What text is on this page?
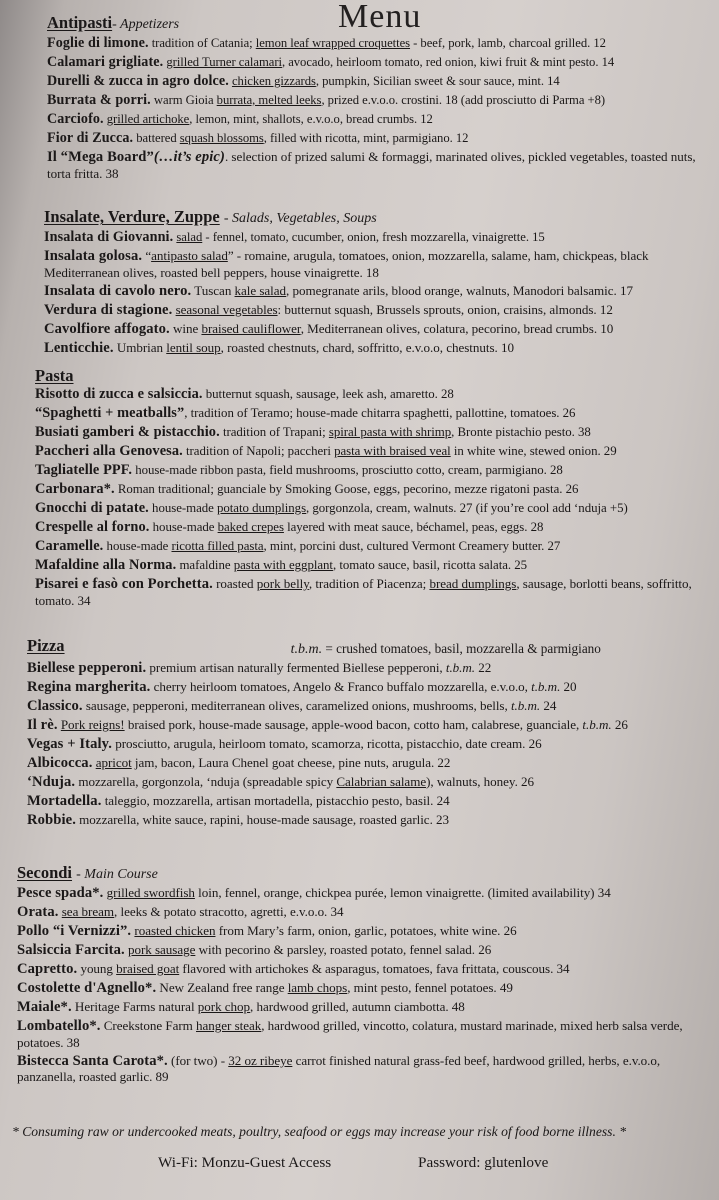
Menu
Antipasti- Appetizers

Foglie di limone. tradition of Catania; lemon leaf wrapped croquettes - beef, pork, lamb, charcoal grilled. 12

Calamari grigliate. grilled Turner calamari, avocado, heirloom tomato, red onion, kiwi fruit & mint pesto. 14

Durelli & zucca in agro dolce. chicken gizzards, pumpkin, Sicilian sweet & sour sauce, mint. 14

Burrata & porri. warm Gioia burrata, melted leeks, prized e.v.o.o. crostini. 18 (add prosciutto di Parma +8)

Carciofo. grilled artichoke, lemon, mint, shallots, e.v.o.o, bread crumbs. 12

Fior di Zucca. battered squash blossoms, filled with ricotta, mint, parmigiano. 12

Il “Mega Board”(…it’s epic). selection of prized salumi & formaggi, marinated olives, pickled vegetables, toasted nuts, torta fritta. 38

Insalate, Verdure, Zuppe - Salads, Vegetables, Soups

Insalata di Giovanni. salad - fennel, tomato, cucumber, onion, fresh mozzarella, vinaigrette. 15

Insalata golosa. “antipasto salad” - romaine, arugula, tomatoes, onion, mozzarella, salame, ham, chickpeas, black Mediterranean olives, roasted bell peppers, house vinaigrette. 18

Insalata di cavolo nero. Tuscan kale salad, pomegranate arils, blood orange, walnuts, Manodori balsamic. 17

Verdura di stagione. seasonal vegetables: butternut squash, Brussels sprouts, onion, craisins, almonds. 12

Cavolfiore affogato. wine braised cauliflower, Mediterranean olives, colatura, pecorino, bread crumbs. 10

Lenticchie. Umbrian lentil soup, roasted chestnuts, chard, soffritto, e.v.o.o, chestnuts. 10

Pasta

Risotto di zucca e salsiccia. butternut squash, sausage, leek ash, amaretto. 28

“Spaghetti + meatballs”, tradition of Teramo; house-made chitarra spaghetti, pallottine, tomatoes. 26

Busiati gamberi & pistacchio. tradition of Trapani; spiral pasta with shrimp, Bronte pistachio pesto. 38

Paccheri alla Genovesa. tradition of Napoli; paccheri pasta with braised veal in white wine, stewed onion. 29

Tagliatelle PPF. house-made ribbon pasta, field mushrooms, prosciutto cotto, cream, parmigiano. 28

Carbonara*. Roman traditional; guanciale by Smoking Goose, eggs, pecorino, mezze rigatoni pasta. 26

Gnocchi di patate. house-made potato dumplings, gorgonzola, cream, walnuts. 27 (if you’re cool add ‘nduja +5)

Crespelle al forno. house-made baked crepes layered with meat sauce, béchamel, peas, eggs. 28

Caramelle. house-made ricotta filled pasta, mint, porcini dust, cultured Vermont Creamery butter. 27

Mafaldine alla Norma. mafaldine pasta with eggplant, tomato sauce, basil, ricotta salata. 25

Pisarei e fasò con Porchetta. roasted pork belly, tradition of Piacenza; bread dumplings, sausage, borlotti beans, soffritto, tomato. 34

Pizza	t.b.m. = crushed tomatoes, basil, mozzarella & parmigiano

Biellese pepperoni. premium artisan naturally fermented Biellese pepperoni, t.b.m. 22

Regina margherita. cherry heirloom tomatoes, Angelo & Franco buffalo mozzarella, e.v.o.o, t.b.m. 20

Classico. sausage, pepperoni, mediterranean olives, caramelized onions, mushrooms, bells, t.b.m. 24

Il rè. Pork reigns! braised pork, house-made sausage, apple-wood bacon, cotto ham, calabrese, guanciale, t.b.m. 26

Vegas + Italy. prosciutto, arugula, heirloom tomato, scamorza, ricotta, pistacchio, date cream. 26

Albicocca. apricot jam, bacon, Laura Chenel goat cheese, pine nuts, arugula. 22

‘Nduja. mozzarella, gorgonzola, ‘nduja (spreadable spicy Calabrian salame), walnuts, honey. 26

Mortadella. taleggio, mozzarella, artisan mortadella, pistacchio pesto, basil. 24

Robbie. mozzarella, white sauce, rapini, house-made sausage, roasted garlic. 23

Secondi - Main Course

Pesce spada*. grilled swordfish loin, fennel, orange, chickpea purée, lemon vinaigrette. (limited availability) 34

Orata. sea bream, leeks & potato stracotto, agretti, e.v.o.o. 34

Pollo “i Vernizzi”. roasted chicken from Mary’s farm, onion, garlic, potatoes, white wine. 26

Salsiccia Farcita. pork sausage with pecorino & parsley, roasted potato, fennel salad. 26

Capretto. young braised goat flavored with artichokes & asparagus, tomatoes, fava frittata, couscous. 34

Costolette d'Agnello*. New Zealand free range lamb chops, mint pesto, fennel potatoes. 49

Maiale*. Heritage Farms natural pork chop, hardwood grilled, autumn ciambotta. 48

Lombatello*. Creekstone Farm hanger steak, hardwood grilled, vincotto, colatura, mustard marinade, mixed herb salsa verde, potatoes. 38

Bistecca Santa Carota*. (for two) - 32 oz ribeye carrot finished natural grass-fed beef, hardwood grilled, herbs, e.v.o.o, panzanella, roasted garlic. 89

* Consuming raw or undercooked meats, poultry, seafood or eggs may increase your risk of food borne illness. *
Wi-Fi: Monzu-Guest Access	Password: glutenlove
